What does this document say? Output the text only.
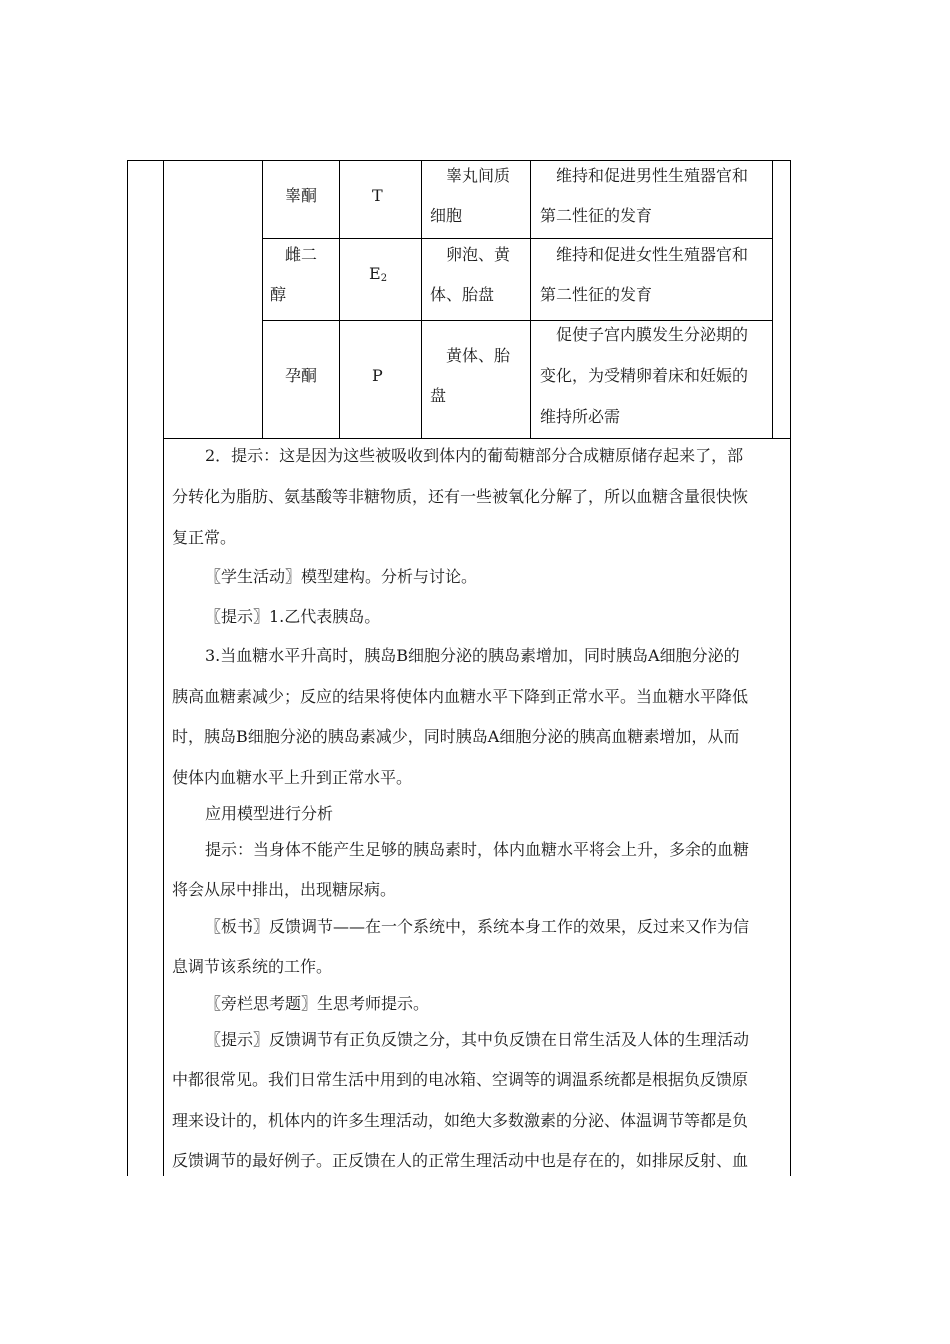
睾酮	T
睾丸间质
细胞
维持和促进男性生殖器官和
第二性征的发育
雌二
醇
$E_2$
卵泡、黄
体、胎盘
维持和促进女性生殖器官和
第二性征的发育
孕酮	P
黄体、胎
盘
促使子宫内膜发生分泌期的
变化，为受精卵着床和妊娠的
维持所必需
2．提示：这是因为这些被吸收到体内的葡萄糖部分合成糖原储存起来了，部
分转化为脂肪、氨基酸等非糖物质，还有一些被氧化分解了，所以血糖含量很快恢
复正常。
〖学生活动〗模型建构。分析与讨论。
〖提示〗1.乙代表胰岛。
3.当血糖水平升高时，胰岛B细胞分泌的胰岛素增加，同时胰岛A细胞分泌的
胰高血糖素减少；反应的结果将使体内血糖水平下降到正常水平。当血糖水平降低
时，胰岛B细胞分泌的胰岛素减少，同时胰岛A细胞分泌的胰高血糖素增加，从而
使体内血糖水平上升到正常水平。
应用模型进行分析
提示：当身体不能产生足够的胰岛素时，体内血糖水平将会上升，多余的血糖
将会从尿中排出，出现糖尿病。
〖板书〗反馈调节——在一个系统中，系统本身工作的效果，反过来又作为信
息调节该系统的工作。
〖旁栏思考题〗生思考师提示。
〖提示〗反馈调节有正负反馈之分，其中负反馈在日常生活及人体的生理活动
中都很常见。我们日常生活中用到的电冰箱、空调等的调温系统都是根据负反馈原
理来设计的，机体内的许多生理活动，如绝大多数激素的分泌、体温调节等都是负
反馈调节的最好例子。正反馈在人的正常生理活动中也是存在的，如排尿反射、血
